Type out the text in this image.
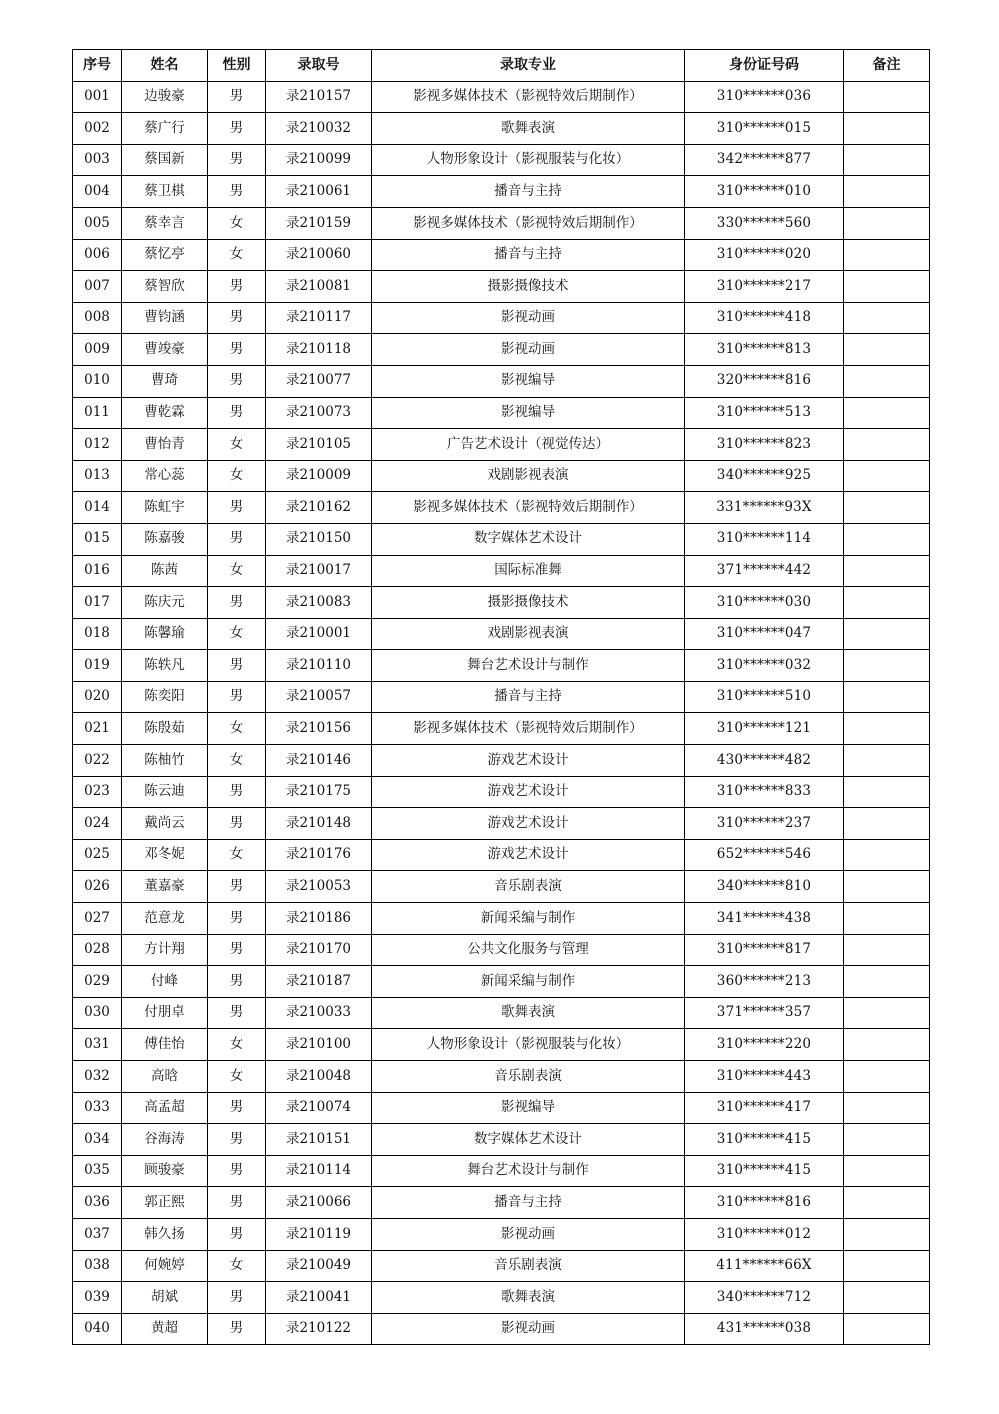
序号	姓名	性别	录取号	录取专业	身份证号码	备注
001	边骏豪	男	录210157	影视多媒体技术（影视特效后期制作）	310******036	
002	蔡广行	男	录210032	歌舞表演	310******015	
003	蔡国新	男	录210099	人物形象设计（影视服装与化妆）	342******877	
004	蔡卫棋	男	录210061	播音与主持	310******010	
005	蔡幸言	女	录210159	影视多媒体技术（影视特效后期制作）	330******560	
006	蔡忆亭	女	录210060	播音与主持	310******020	
007	蔡智欣	男	录210081	摄影摄像技术	310******217	
008	曹钧涵	男	录210117	影视动画	310******418	
009	曹竣豪	男	录210118	影视动画	310******813	
010	曹琦	男	录210077	影视编导	320******816	
011	曹乾霖	男	录210073	影视编导	310******513	
012	曹怡青	女	录210105	广告艺术设计（视觉传达）	310******823	
013	常心蕊	女	录210009	戏剧影视表演	340******925	
014	陈虹宇	男	录210162	影视多媒体技术（影视特效后期制作）	331******93X	
015	陈嘉骏	男	录210150	数字媒体艺术设计	310******114	
016	陈茜	女	录210017	国际标准舞	371******442	
017	陈庆元	男	录210083	摄影摄像技术	310******030	
018	陈馨瑜	女	录210001	戏剧影视表演	310******047	
019	陈轶凡	男	录210110	舞台艺术设计与制作	310******032	
020	陈奕阳	男	录210057	播音与主持	310******510	
021	陈殷茹	女	录210156	影视多媒体技术（影视特效后期制作）	310******121	
022	陈柚竹	女	录210146	游戏艺术设计	430******482	
023	陈云迪	男	录210175	游戏艺术设计	310******833	
024	戴尚云	男	录210148	游戏艺术设计	310******237	
025	邓冬妮	女	录210176	游戏艺术设计	652******546	
026	董嘉豪	男	录210053	音乐剧表演	340******810	
027	范意龙	男	录210186	新闻采编与制作	341******438	
028	方计翔	男	录210170	公共文化服务与管理	310******817	
029	付峰	男	录210187	新闻采编与制作	360******213	
030	付朋卓	男	录210033	歌舞表演	371******357	
031	傅佳怡	女	录210100	人物形象设计（影视服装与化妆）	310******220	
032	高晗	女	录210048	音乐剧表演	310******443	
033	高孟超	男	录210074	影视编导	310******417	
034	谷海涛	男	录210151	数字媒体艺术设计	310******415	
035	顾骏豪	男	录210114	舞台艺术设计与制作	310******415	
036	郭正熙	男	录210066	播音与主持	310******816	
037	韩久扬	男	录210119	影视动画	310******012	
038	何婉婷	女	录210049	音乐剧表演	411******66X	
039	胡斌	男	录210041	歌舞表演	340******712	
040	黄超	男	录210122	影视动画	431******038	
